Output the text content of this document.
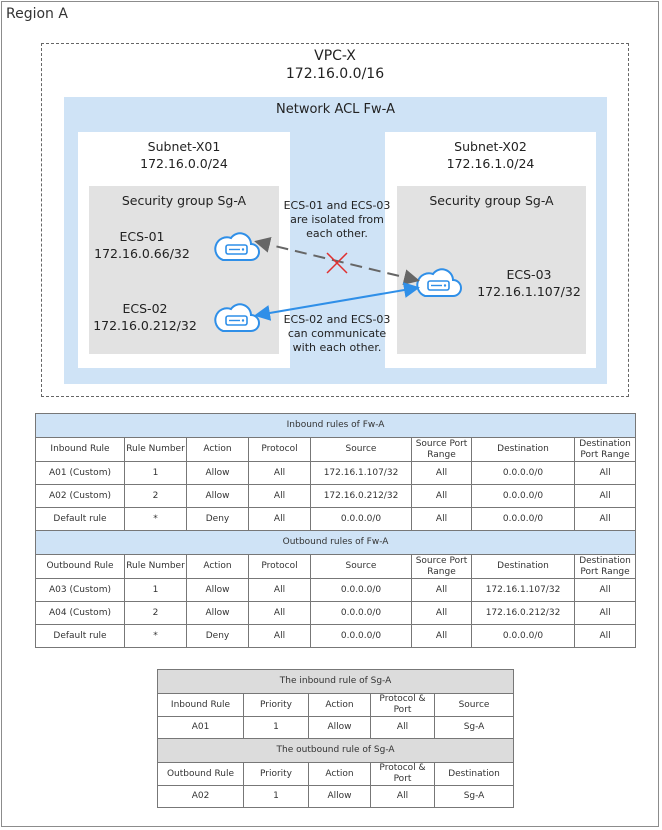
Region A
VPC-X
172.16.0.0/16
Network ACL Fw-A
Subnet-X01
172.16.0.0/24
Subnet-X02
172.16.1.0/24
Security group Sg-A	Security group Sg-A
ECS-01
172.16.0.66/32
ECS-02
172.16.0.212/32
ECS-03
172.16.1.107/32
ECS-01 and ECS-03
are isolated from
each other.
ECS-02 and ECS-03
can communicate
with each other.
Inbound rules of Fw-A							
Inbound Rule	Rule Number	Action	Protocol	Source	Source Port Range	Destination	Destination Port Range
A01 (Custom)	1	Allow	All	172.16.1.107/32	All	0.0.0.0/0	All
A02 (Custom)	2	Allow	All	172.16.0.212/32	All	0.0.0.0/0	All
Default rule	*	Deny	All	0.0.0.0/0	All	0.0.0.0/0	All
Outbound rules of Fw-A							
Outbound Rule	Rule Number	Action	Protocol	Source	Source Port Range	Destination	Destination Port Range
A03 (Custom)	1	Allow	All	0.0.0.0/0	All	172.16.1.107/32	All
A04 (Custom)	2	Allow	All	0.0.0.0/0	All	172.16.0.212/32	All
Default rule	*	Deny	All	0.0.0.0/0	All	0.0.0.0/0	All
The inbound rule of Sg-A				
Inbound Rule	Priority	Action	Protocol & Port	Source
A01	1	Allow	All	Sg-A
The outbound rule of Sg-A				
Outbound Rule	Priority	Action	Protocol & Port	Destination
A02	1	Allow	All	Sg-A
